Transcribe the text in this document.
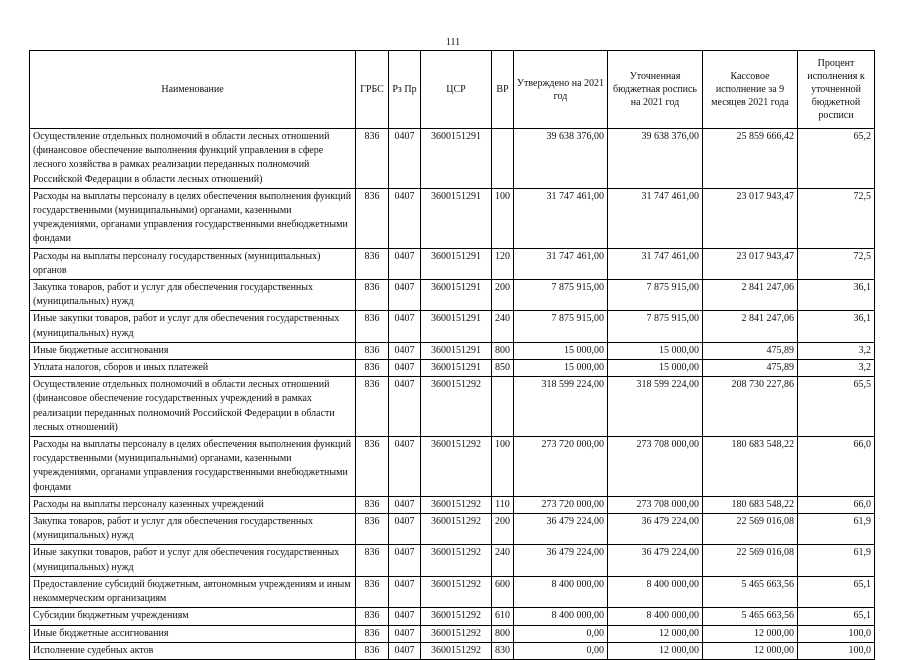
111
Наименование	ГРБС	Рз Пр	ЦСР	ВР	Утверждено на 2021 год	Уточненная бюджетная роспись на 2021 год	Кассовое исполнение за 9 месяцев 2021 года	Процент исполнения к уточненной бюджетной росписи
Осуществление отдельных полномочий в области лесных отношений (финансовое обеспечение выполнения функций управления в сфере лесного хозяйства в рамках реализации переданных полномочий Российской Федерации в области лесных отношений)	836	0407	3600151291		39 638 376,00	39 638 376,00	25 859 666,42	65,2
Расходы на выплаты персоналу в целях обеспечения выполнения функций государственными (муниципальными) органами, казенными учреждениями, органами управления государственными внебюджетными фондами	836	0407	3600151291	100	31 747 461,00	31 747 461,00	23 017 943,47	72,5
Расходы на выплаты персоналу государственных (муниципальных) органов	836	0407	3600151291	120	31 747 461,00	31 747 461,00	23 017 943,47	72,5
Закупка товаров, работ и услуг для обеспечения государственных (муниципальных) нужд	836	0407	3600151291	200	7 875 915,00	7 875 915,00	2 841 247,06	36,1
Иные закупки товаров, работ и услуг для обеспечения государственных (муниципальных) нужд	836	0407	3600151291	240	7 875 915,00	7 875 915,00	2 841 247,06	36,1
Иные бюджетные ассигнования	836	0407	3600151291	800	15 000,00	15 000,00	475,89	3,2
Уплата налогов, сборов и иных платежей	836	0407	3600151291	850	15 000,00	15 000,00	475,89	3,2
Осуществление отдельных полномочий в области лесных отношений (финансовое обеспечение государственных учреждений в рамках реализации переданных полномочий Российской Федерации в области лесных отношений)	836	0407	3600151292		318 599 224,00	318 599 224,00	208 730 227,86	65,5
Расходы на выплаты персоналу в целях обеспечения выполнения функций государственными (муниципальными) органами, казенными учреждениями, органами управления государственными внебюджетными фондами	836	0407	3600151292	100	273 720 000,00	273 708 000,00	180 683 548,22	66,0
Расходы на выплаты персоналу казенных учреждений	836	0407	3600151292	110	273 720 000,00	273 708 000,00	180 683 548,22	66,0
Закупка товаров, работ и услуг для обеспечения государственных (муниципальных) нужд	836	0407	3600151292	200	36 479 224,00	36 479 224,00	22 569 016,08	61,9
Иные закупки товаров, работ и услуг для обеспечения государственных (муниципальных) нужд	836	0407	3600151292	240	36 479 224,00	36 479 224,00	22 569 016,08	61,9
Предоставление субсидий бюджетным, автономным учреждениям и иным некоммерческим организациям	836	0407	3600151292	600	8 400 000,00	8 400 000,00	5 465 663,56	65,1
Субсидии бюджетным учреждениям	836	0407	3600151292	610	8 400 000,00	8 400 000,00	5 465 663,56	65,1
Иные бюджетные ассигнования	836	0407	3600151292	800	0,00	12 000,00	12 000,00	100,0
Исполнение судебных актов	836	0407	3600151292	830	0,00	12 000,00	12 000,00	100,0
